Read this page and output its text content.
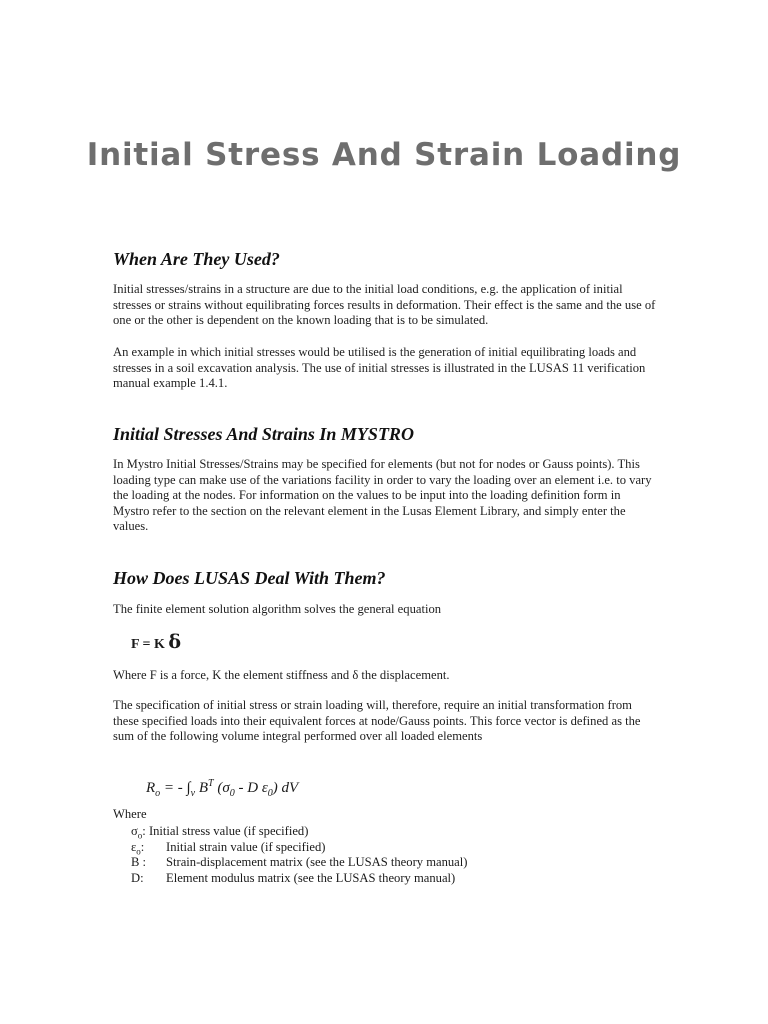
Initial Stress And Strain Loading
When Are They Used?

Initial stresses/strains in a structure are due to the initial load conditions, e.g. the application of initial stresses or strains without equilibrating forces results in deformation. Their effect is the same and the use of one or the other is dependent on the known loading that is to be simulated.

An example in which initial stresses would be utilised is the generation of initial equilibrating loads and stresses in a soil excavation analysis. The use of initial stresses is illustrated in the LUSAS 11 verification manual example 1.4.1.

Initial Stresses And Strains In MYSTRO

In Mystro Initial Stresses/Strains may be specified for elements (but not for nodes or Gauss points). This loading type can make use of the variations facility in order to vary the loading over an element i.e. to vary the loading at the nodes. For information on the values to be input into the loading definition form in Mystro refer to the section on the relevant element in the Lusas Element Library, and simply enter the values.

How Does LUSAS Deal With Them?

The finite element solution algorithm solves the general equation

F = K δ

Where F is a force, K the element stiffness and δ the displacement.

The specification of initial stress or strain loading will, therefore, require an initial transformation from these specified loads into their equivalent forces at node/Gauss points. This force vector is defined as the sum of the following volume integral performed over all loaded elements

$R_o$ = - $\int_v$ $B^T$ ($\sigma_0$ - D $\varepsilon_0$) dV
Where
$\sigma_o$: Initial stress value (if specified)
$\varepsilon_o$: Initial strain value (if specified)
B : Strain-displacement matrix (see the LUSAS theory manual)
D: Element modulus matrix (see the LUSAS theory manual)
